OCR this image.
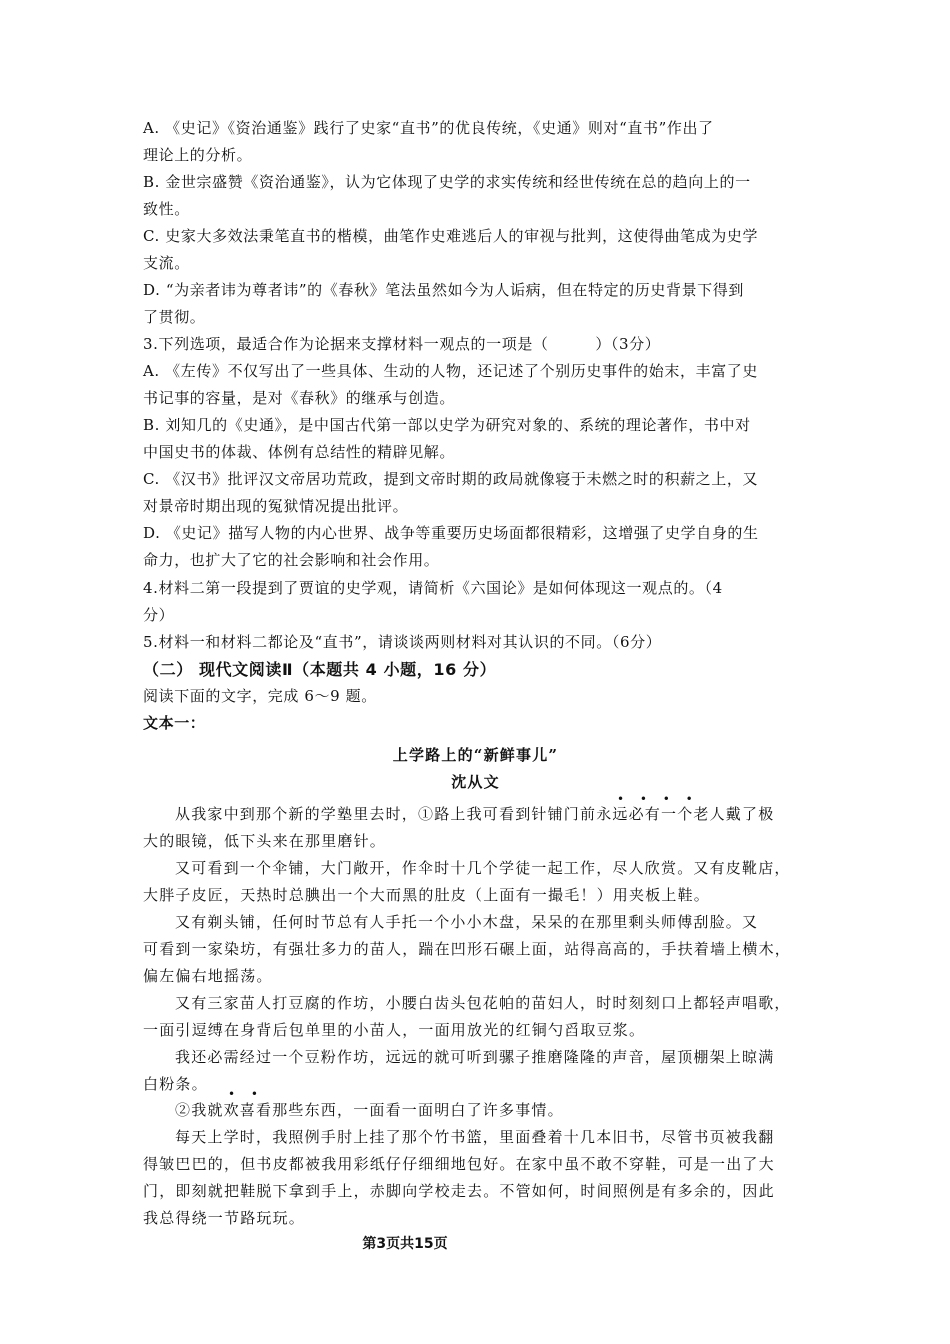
A. 《史记》《资治通鉴》践行了史家“直书”的优良传统，《史通》则对“直书”作出了
理论上的分析。
B. 金世宗盛赞《资治通鉴》，认为它体现了史学的求实传统和经世传统在总的趋向上的一
致性。
C. 史家大多效法秉笔直书的楷模，曲笔作史难逃后人的审视与批判，这使得曲笔成为史学
支流。
D. “为亲者讳为尊者讳”的《春秋》笔法虽然如今为人诟病，但在特定的历史背景下得到
了贯彻。
3.下列选项，最适合作为论据来支撑材料一观点的一项是（　　　）（3分）
A. 《左传》不仅写出了一些具体、生动的人物，还记述了个别历史事件的始末，丰富了史
书记事的容量，是对《春秋》的继承与创造。
B. 刘知几的《史通》，是中国古代第一部以史学为研究对象的、系统的理论著作，书中对
中国史书的体裁、体例有总结性的精辟见解。
C. 《汉书》批评汉文帝居功荒政，提到文帝时期的政局就像寝于未燃之时的积薪之上，又
对景帝时期出现的冤狱情况提出批评。
D. 《史记》描写人物的内心世界、战争等重要历史场面都很精彩，这增强了史学自身的生
命力，也扩大了它的社会影响和社会作用。
4.材料二第一段提到了贾谊的史学观，请简析《六国论》是如何体现这一观点的。（4
分）
5.材料一和材料二都论及“直书”，请谈谈两则材料对其认识的不同。（6分）
（二） 现代文阅读Ⅱ（本题共 4 小题，16 分）
阅读下面的文字，完成 6～9 题。
文本一：
上学路上的“新鲜事儿”
沈从文
• • • •
从我家中到那个新的学塾里去时，①路上我可看到针铺门前永远必有一个老人戴了极
大的眼镜，低下头来在那里磨针。
又可看到一个伞铺，大门敞开，作伞时十几个学徒一起工作，尽人欣赏。又有皮靴店，
大胖子皮匠，天热时总腆出一个大而黑的肚皮（上面有一撮毛！）用夹板上鞋。
又有剃头铺，任何时节总有人手托一个小小木盘，呆呆的在那里剩头师傅刮脸。又
可看到一家染坊，有强壮多力的苗人，踹在凹形石碾上面，站得高高的，手扶着墙上横木，
偏左偏右地摇荡。
又有三家苗人打豆腐的作坊，小腰白齿头包花帕的苗妇人，时时刻刻口上都轻声唱歌，
一面引逗缚在身背后包单里的小苗人，一面用放光的红铜勺舀取豆浆。
我还必需经过一个豆粉作坊，远远的就可听到骡子推磨隆隆的声音，屋顶棚架上晾满
白粉条。
• •
②我就欢喜看那些东西，一面看一面明白了许多事情。
每天上学时，我照例手肘上挂了那个竹书篮，里面叠着十几本旧书，尽管书页被我翻
得皱巴巴的，但书皮都被我用彩纸仔仔细细地包好。在家中虽不敢不穿鞋，可是一出了大
门，即刻就把鞋脱下拿到手上，赤脚向学校走去。不管如何，时间照例是有多余的，因此
我总得绕一节路玩玩。
第3页共15页
